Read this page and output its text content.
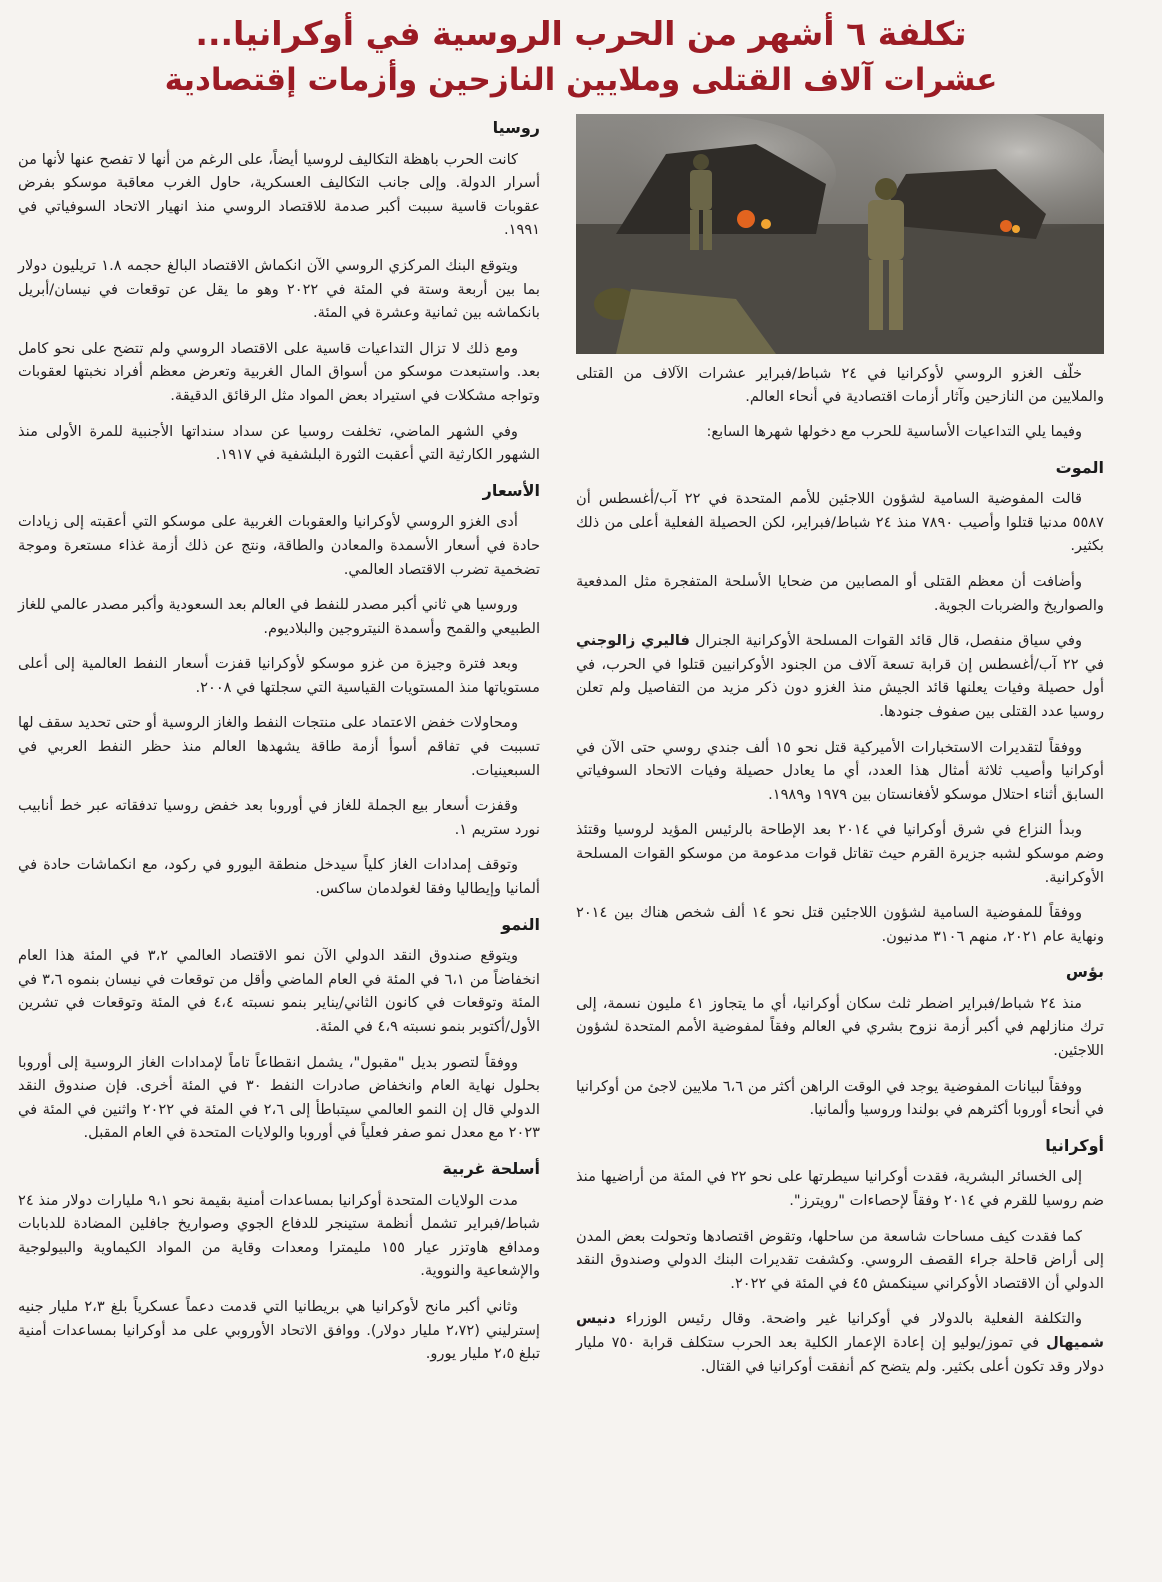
تكلفة ٦ أشهر من الحرب الروسية في أوكرانيا...
عشرات آلاف القتلى وملايين النازحين وأزمات إقتصادية

خلّف الغزو الروسي لأوكرانيا في ٢٤ شباط/فبراير عشرات الآلاف من القتلى والملايين من النازحين وآثار أزمات اقتصادية في أنحاء العالم.

وفيما يلي التداعيات الأساسية للحرب مع دخولها شهرها السابع:

الموت

قالت المفوضية السامية لشؤون اللاجئين للأمم المتحدة في ٢٢ آب/أغسطس أن ٥٥٨٧ مدنيا قتلوا وأصيب ٧٨٩٠ منذ ٢٤ شباط/فبراير، لكن الحصيلة الفعلية أعلى من ذلك بكثير.

وأضافت أن معظم القتلى أو المصابين من ضحايا الأسلحة المتفجرة مثل المدفعية والصواريخ والضربات الجوية.

وفي سياق منفصل، قال قائد القوات المسلحة الأوكرانية الجنرال فاليري زالوجني في ٢٢ آب/أغسطس إن قرابة تسعة آلاف من الجنود الأوكرانيين قتلوا في الحرب، في أول حصيلة وفيات يعلنها قائد الجيش منذ الغزو دون ذكر مزيد من التفاصيل ولم تعلن روسيا عدد القتلى بين صفوف جنودها.

ووفقاً لتقديرات الاستخبارات الأميركية قتل نحو ١٥ ألف جندي روسي حتى الآن في أوكرانيا وأصيب ثلاثة أمثال هذا العدد، أي ما يعادل حصيلة وفيات الاتحاد السوفياتي السابق أثناء احتلال موسكو لأفغانستان بين ١٩٧٩ و١٩٨٩.

وبدأ النزاع في شرق أوكرانيا في ٢٠١٤ بعد الإطاحة بالرئيس المؤيد لروسيا وقتئذ وضم موسكو لشبه جزيرة القرم حيث تقاتل قوات مدعومة من موسكو القوات المسلحة الأوكرانية.

ووفقاً للمفوضية السامية لشؤون اللاجئين قتل نحو ١٤ ألف شخص هناك بين ٢٠١٤ ونهاية عام ٢٠٢١، منهم ٣١٠٦ مدنيون.

بؤس

منذ ٢٤ شباط/فبراير اضطر ثلث سكان أوكرانيا، أي ما يتجاوز ٤١ مليون نسمة، إلى ترك منازلهم في أكبر أزمة نزوح بشري في العالم وفقاً لمفوضية الأمم المتحدة لشؤون اللاجئين.

ووفقاً لبيانات المفوضية يوجد في الوقت الراهن أكثر من ٦،٦ ملايين لاجئ من أوكرانيا في أنحاء أوروبا أكثرهم في بولندا وروسيا وألمانيا.

أوكرانيا

إلى الخسائر البشرية، فقدت أوكرانيا سيطرتها على نحو ٢٢ في المئة من أراضيها منذ ضم روسيا للقرم في ٢٠١٤ وفقاً لإحصاءات "رويترز".

كما فقدت كيف مساحات شاسعة من ساحلها، وتقوض اقتصادها وتحولت بعض المدن إلى أراض قاحلة جراء القصف الروسي. وكشفت تقديرات البنك الدولي وصندوق النقد الدولي أن الاقتصاد الأوكراني سينكمش ٤٥ في المئة في ٢٠٢٢.

والتكلفة الفعلية بالدولار في أوكرانيا غير واضحة. وقال رئيس الوزراء دنيس شميهال في تموز/يوليو إن إعادة الإعمار الكلية بعد الحرب ستكلف قرابة ٧٥٠ مليار دولار وقد تكون أعلى بكثير. ولم يتضح كم أنفقت أوكرانيا في القتال.

روسيا

كانت الحرب باهظة التكاليف لروسيا أيضاً، على الرغم من أنها لا تفصح عنها لأنها من أسرار الدولة. وإلى جانب التكاليف العسكرية، حاول الغرب معاقبة موسكو بفرض عقوبات قاسية سببت أكبر صدمة للاقتصاد الروسي منذ انهيار الاتحاد السوفياتي في ١٩٩١.

ويتوقع البنك المركزي الروسي الآن انكماش الاقتصاد البالغ حجمه ١.٨ تريليون دولار بما بين أربعة وستة في المئة في ٢٠٢٢ وهو ما يقل عن توقعات في نيسان/أبريل بانكماشه بين ثمانية وعشرة في المئة.

ومع ذلك لا تزال التداعيات قاسية على الاقتصاد الروسي ولم تتضح على نحو كامل بعد. واستبعدت موسكو من أسواق المال الغربية وتعرض معظم أفراد نخبتها لعقوبات وتواجه مشكلات في استيراد بعض المواد مثل الرقائق الدقيقة.

وفي الشهر الماضي، تخلفت روسيا عن سداد سنداتها الأجنبية للمرة الأولى منذ الشهور الكارثية التي أعقبت الثورة البلشفية في ١٩١٧.

الأسعار

أدى الغزو الروسي لأوكرانيا والعقوبات الغربية على موسكو التي أعقبته إلى زيادات حادة في أسعار الأسمدة والمعادن والطاقة، ونتج عن ذلك أزمة غذاء مستعرة وموجة تضخمية تضرب الاقتصاد العالمي.

وروسيا هي ثاني أكبر مصدر للنفط في العالم بعد السعودية وأكبر مصدر عالمي للغاز الطبيعي والقمح وأسمدة النيتروجين والبلاديوم.

وبعد فترة وجيزة من غزو موسكو لأوكرانيا قفزت أسعار النفط العالمية إلى أعلى مستوياتها منذ المستويات القياسية التي سجلتها في ٢٠٠٨.

ومحاولات خفض الاعتماد على منتجات النفط والغاز الروسية أو حتى تحديد سقف لها تسببت في تفاقم أسوأ أزمة طاقة يشهدها العالم منذ حظر النفط العربي في السبعينيات.

وقفزت أسعار بيع الجملة للغاز في أوروبا بعد خفض روسيا تدفقاته عبر خط أنابيب نورد ستريم ١.

وتوقف إمدادات الغاز كلياً سيدخل منطقة اليورو في ركود، مع انكماشات حادة في ألمانيا وإيطاليا وفقا لغولدمان ساكس.

النمو

ويتوقع صندوق النقد الدولي الآن نمو الاقتصاد العالمي ٣،٢ في المئة هذا العام انخفاضاً من ٦،١ في المئة في العام الماضي وأقل من توقعات في نيسان بنموه ٣،٦ في المئة وتوقعات في كانون الثاني/يناير بنمو نسبته ٤،٤ في المئة وتوقعات في تشرين الأول/أكتوبر بنمو نسبته ٤،٩ في المئة.

ووفقاً لتصور بديل "مقبول"، يشمل انقطاعاً تاماً لإمدادات الغاز الروسية إلى أوروبا بحلول نهاية العام وانخفاض صادرات النفط ٣٠ في المئة أخرى. فإن صندوق النقد الدولي قال إن النمو العالمي سيتباطأ إلى ٢،٦ في المئة في ٢٠٢٢ واثنين في المئة في ٢٠٢٣ مع معدل نمو صفر فعلياً في أوروبا والولايات المتحدة في العام المقبل.

أسلحة غربية

مدت الولايات المتحدة أوكرانيا بمساعدات أمنية بقيمة نحو ٩،١ مليارات دولار منذ ٢٤ شباط/فبراير تشمل أنظمة ستينجر للدفاع الجوي وصواريخ جافلين المضادة للدبابات ومدافع هاوتزر عيار ١٥٥ مليمترا ومعدات وقاية من المواد الكيماوية والبيولوجية والإشعاعية والنووية.

وثاني أكبر مانح لأوكرانيا هي بريطانيا التي قدمت دعماً عسكرياً بلغ ٢،٣ مليار جنيه إسترليني (٢،٧٢ مليار دولار). ووافق الاتحاد الأوروبي على مد أوكرانيا بمساعدات أمنية تبلغ ٢،٥ مليار يورو.
